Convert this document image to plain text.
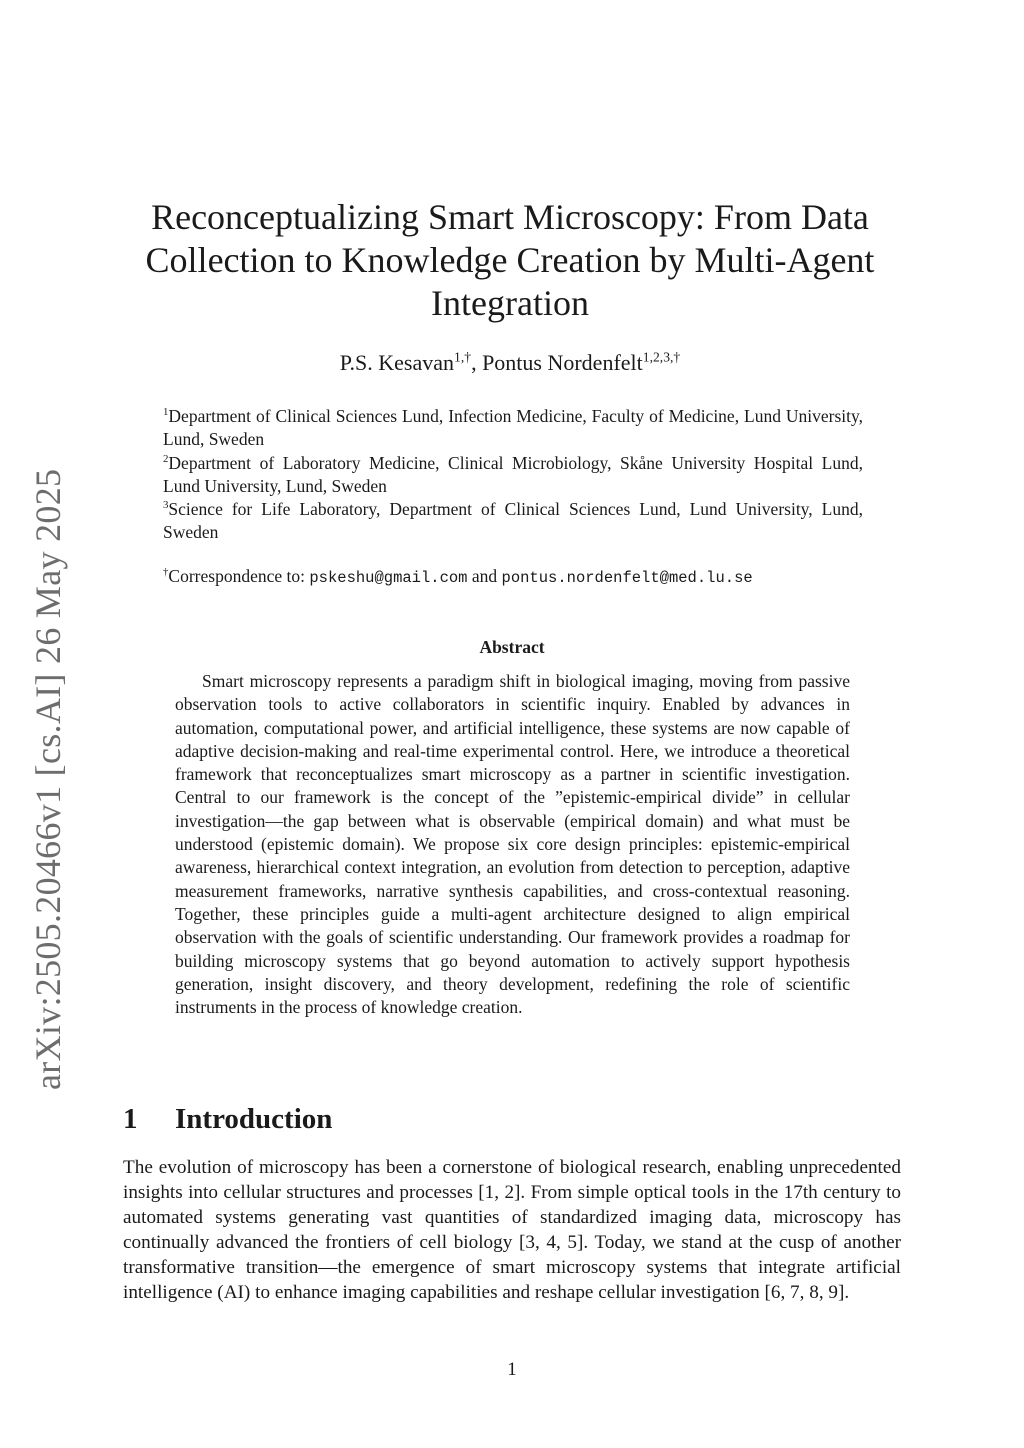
arXiv:2505.20466v1 [cs.AI] 26 May 2025
Reconceptualizing Smart Microscopy: From Data Collection to Knowledge Creation by Multi-Agent Integration
P.S. Kesavan$^{1,\dagger}$, Pontus Nordenfelt$^{1,2,3,\dagger}$

$^1$Department of Clinical Sciences Lund, Infection Medicine, Faculty of Medicine, Lund University, Lund, Sweden

$^2$Department of Laboratory Medicine, Clinical Microbiology, Skåne University Hospital Lund, Lund University, Lund, Sweden

$^3$Science for Life Laboratory, Department of Clinical Sciences Lund, Lund University, Lund, Sweden

†Correspondence to: pskeshu@gmail.com and pontus.nordenfelt@med.lu.se
Abstract

Smart microscopy represents a paradigm shift in biological imaging, moving from passive observation tools to active collaborators in scientific inquiry. Enabled by advances in automation, computational power, and artificial intelligence, these systems are now capable of adaptive decision-making and real-time experimental control. Here, we introduce a theoretical framework that reconceptualizes smart microscopy as a partner in scientific investigation. Central to our framework is the concept of the ”epistemic-empirical divide” in cellular investigation—the gap between what is observable (empirical domain) and what must be understood (epistemic domain). We propose six core design principles: epistemic-empirical awareness, hierarchical context integration, an evolution from detection to perception, adaptive measurement frameworks, narrative synthesis capabilities, and cross-contextual reasoning. Together, these principles guide a multi-agent architecture designed to align empirical observation with the goals of scientific understanding. Our framework provides a roadmap for building microscopy systems that go beyond automation to actively support hypothesis generation, insight discovery, and theory development, redefining the role of scientific instruments in the process of knowledge creation.

1 Introduction

The evolution of microscopy has been a cornerstone of biological research, enabling unprecedented insights into cellular structures and processes [1, 2]. From simple optical tools in the 17th century to automated systems generating vast quantities of standardized imaging data, microscopy has continually advanced the frontiers of cell biology [3, 4, 5]. Today, we stand at the cusp of another transformative transition—the emergence of smart microscopy systems that integrate artificial intelligence (AI) to enhance imaging capabilities and reshape cellular investigation [6, 7, 8, 9].

1
